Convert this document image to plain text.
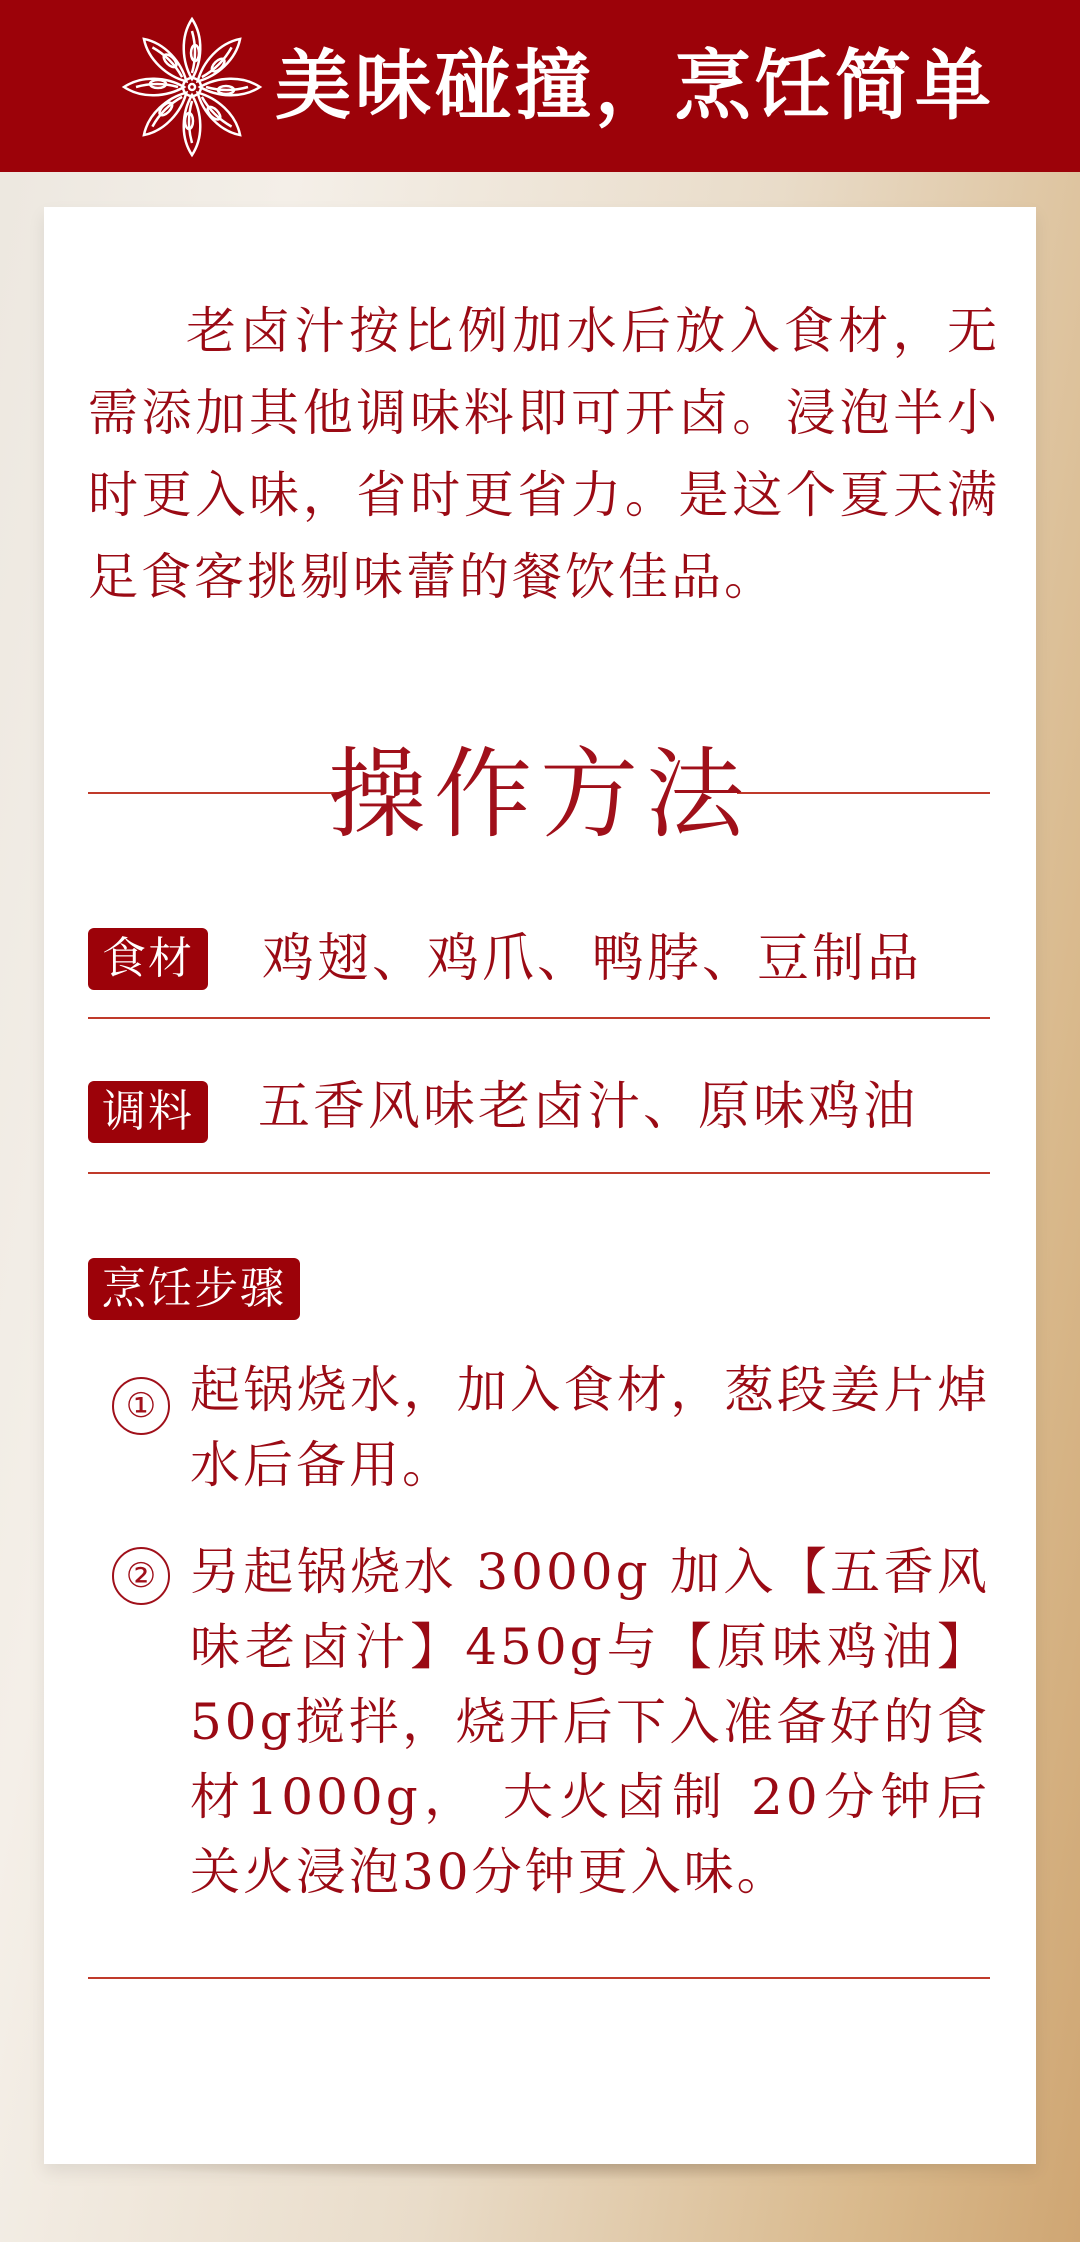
美味碰撞，烹饪简单
老卤汁按比例加水后放入食材，无需添加其他调味料即可开卤。浸泡半小时更入味，省时更省力。是这个夏天满足食客挑剔味蕾的餐饮佳品。
操作方法
食材 鸡翅、鸡爪、鸭脖、豆制品
调料 五香风味老卤汁、原味鸡油
烹饪步骤
① 起锅烧水，加入食材，葱段姜片焯水后备用。
② 另起锅烧水 3000g 加入【五香风味老卤汁】450g与【原味鸡油】50g搅拌，烧开后下入准备好的食材1000g， 大火卤制 20分钟后关火浸泡30分钟更入味。
